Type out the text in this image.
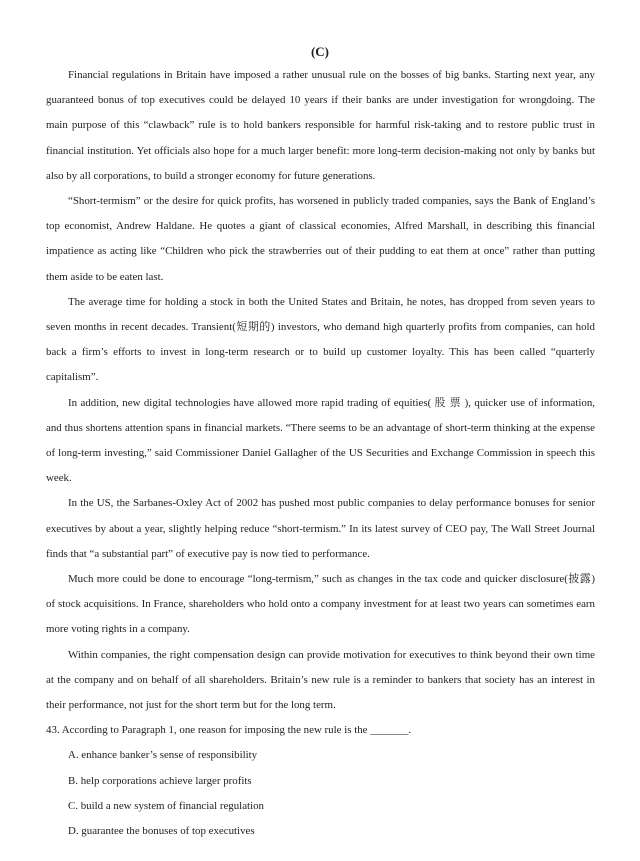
(C)

Financial regulations in Britain have imposed a rather unusual rule on the bosses of big banks. Starting next year, any guaranteed bonus of top executives could be delayed 10 years if their banks are under investigation for wrongdoing. The main purpose of this “clawback” rule is to hold bankers responsible for harmful risk-taking and to restore public trust in financial institution. Yet officials also hope for a much larger benefit: more long-term decision-making not only by banks but also by all corporations, to build a stronger economy for future generations.

“Short-termism” or the desire for quick profits, has worsened in publicly traded companies, says the Bank of England’s top economist, Andrew Haldane. He quotes a giant of classical economies, Alfred Marshall, in describing this financial impatience as acting like “Children who pick the strawberries out of their pudding to eat them at once” rather than putting them aside to be eaten last.

The average time for holding a stock in both the United States and Britain, he notes, has dropped from seven years to seven months in recent decades. Transient(短期的) investors, who demand high quarterly profits from companies, can hold back a firm’s efforts to invest in long-term research or to build up customer loyalty. This has been called “quarterly capitalism”.

In addition, new digital technologies have allowed more rapid trading of equities( 股 票 ), quicker use of information, and thus shortens attention spans in financial markets. “There seems to be an advantage of short-term thinking at the expense of long-term investing,” said Commissioner Daniel Gallagher of the US Securities and Exchange Commission in speech this week.

In the US, the Sarbanes-Oxley Act of 2002 has pushed most public companies to delay performance bonuses for senior executives by about a year, slightly helping reduce “short-termism.” In its latest survey of CEO pay, The Wall Street Journal finds that “a substantial part” of executive pay is now tied to performance.

Much more could be done to encourage “long-termism,” such as changes in the tax code and quicker disclosure(披露) of stock acquisitions. In France, shareholders who hold onto a company investment for at least two years can sometimes earn more voting rights in a company.

Within companies, the right compensation design can provide motivation for executives to think beyond their own time at the company and on behalf of all shareholders. Britain’s new rule is a reminder to bankers that society has an interest in their performance, not just for the short term but for the long term.

43. According to Paragraph 1, one reason for imposing the new rule is the _______.

A. enhance banker’s sense of responsibility

B. help corporations achieve larger profits

C. build a new system of financial regulation

D. guarantee the bonuses of top executives
